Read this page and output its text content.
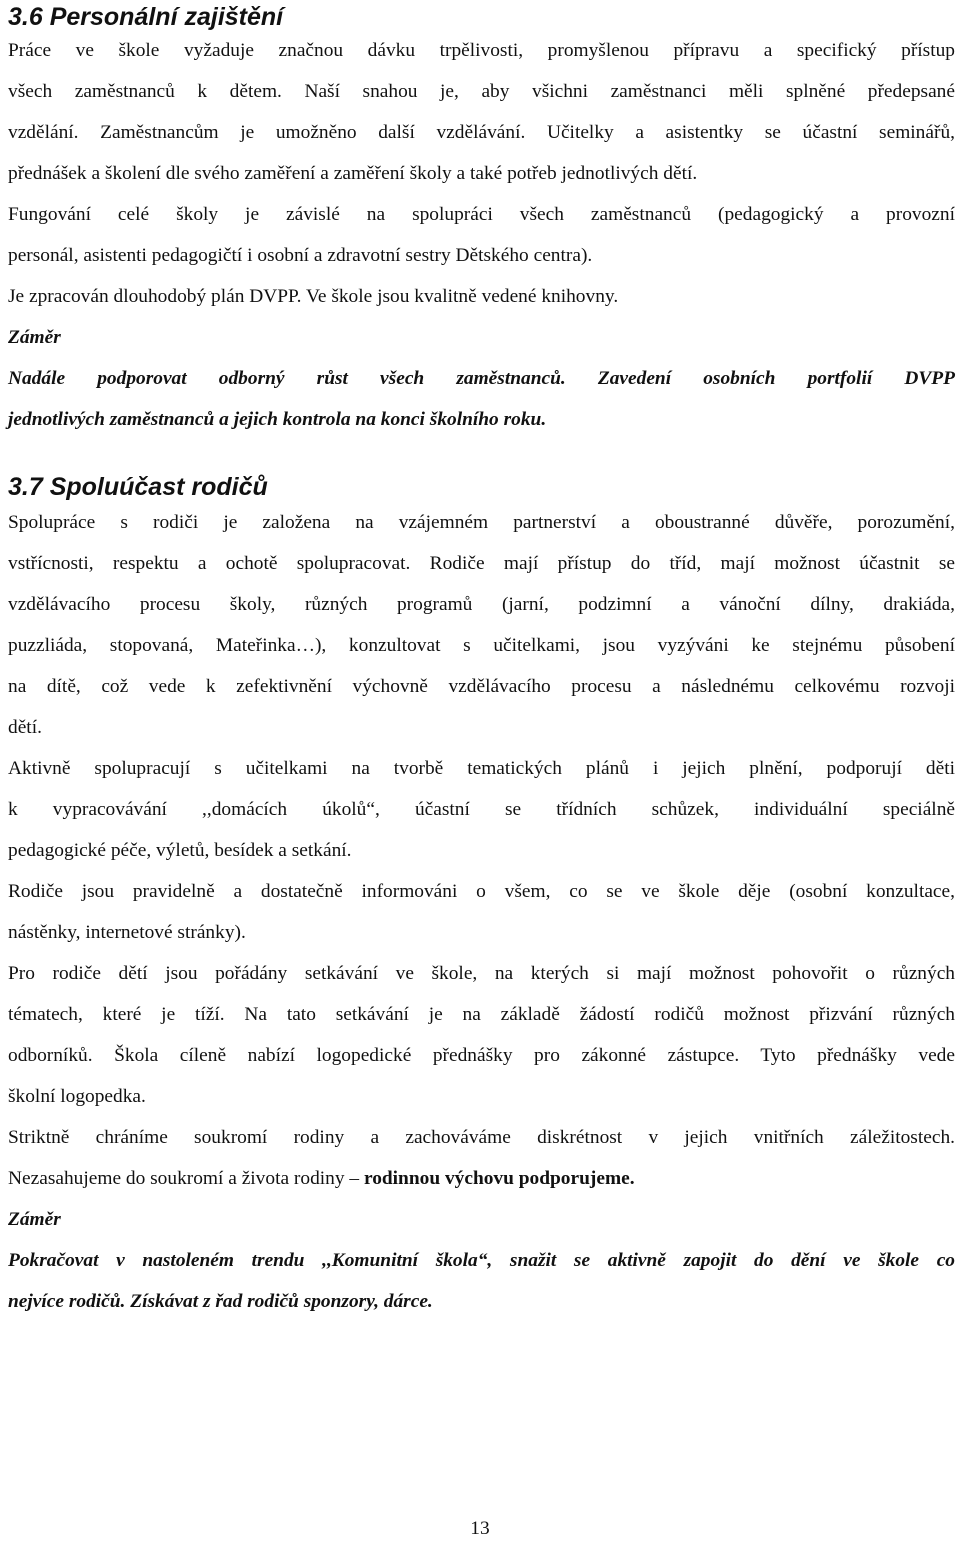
3.6 Personální zajištění

Práce ve škole vyžaduje značnou dávku trpělivosti, promyšlenou přípravu a specifický přístup

všech zaměstnanců k dětem. Naší snahou je, aby všichni zaměstnanci měli splněné předepsané

vzdělání. Zaměstnancům je umožněno další vzdělávání. Učitelky a asistentky se účastní seminářů,

přednášek a školení dle svého zaměření a zaměření školy a také potřeb jednotlivých dětí.

Fungování celé školy je závislé na spolupráci všech zaměstnanců (pedagogický a provozní

personál, asistenti pedagogičtí i osobní a zdravotní sestry Dětského centra).

Je zpracován dlouhodobý plán DVPP. Ve škole jsou kvalitně vedené knihovny.

Záměr

Nadále podporovat odborný růst všech zaměstnanců. Zavedení osobních portfolií DVPP

jednotlivých zaměstnanců a jejich kontrola na konci školního roku.

3.7 Spoluúčast rodičů

Spolupráce s rodiči je založena na vzájemném partnerství a oboustranné důvěře, porozumění,

vstřícnosti, respektu a ochotě spolupracovat. Rodiče mají přístup do tříd, mají možnost účastnit se

vzdělávacího procesu školy, různých programů (jarní, podzimní a vánoční dílny, drakiáda,

puzzliáda, stopovaná, Mateřinka…), konzultovat s učitelkami, jsou vyzýváni ke stejnému působení

na dítě, což vede k zefektivnění výchovně vzdělávacího procesu a následnému celkovému rozvoji

dětí.

Aktivně spolupracují s učitelkami na tvorbě tematických plánů i jejich plnění, podporují děti

k vypracovávání ,,domácích úkolů“, účastní se třídních schůzek, individuální speciálně

pedagogické péče, výletů, besídek a setkání.

Rodiče jsou pravidelně a dostatečně informováni o všem, co se ve škole děje (osobní konzultace,

nástěnky, internetové stránky).

Pro rodiče dětí jsou pořádány setkávání ve škole, na kterých si mají možnost pohovořit o různých

tématech, které je tíží. Na tato setkávání je na základě žádostí rodičů možnost přizvání různých

odborníků. Škola cíleně nabízí logopedické přednášky pro zákonné zástupce. Tyto přednášky vede

školní logopedka.

Striktně chráníme soukromí rodiny a zachováváme diskrétnost v jejich vnitřních záležitostech.

Nezasahujeme do soukromí a života rodiny – rodinnou výchovu podporujeme.

Záměr

Pokračovat v nastoleném trendu ,,Komunitní škola“, snažit se aktivně zapojit do dění ve škole co

nejvíce rodičů. Získávat z řad rodičů sponzory, dárce.

13
